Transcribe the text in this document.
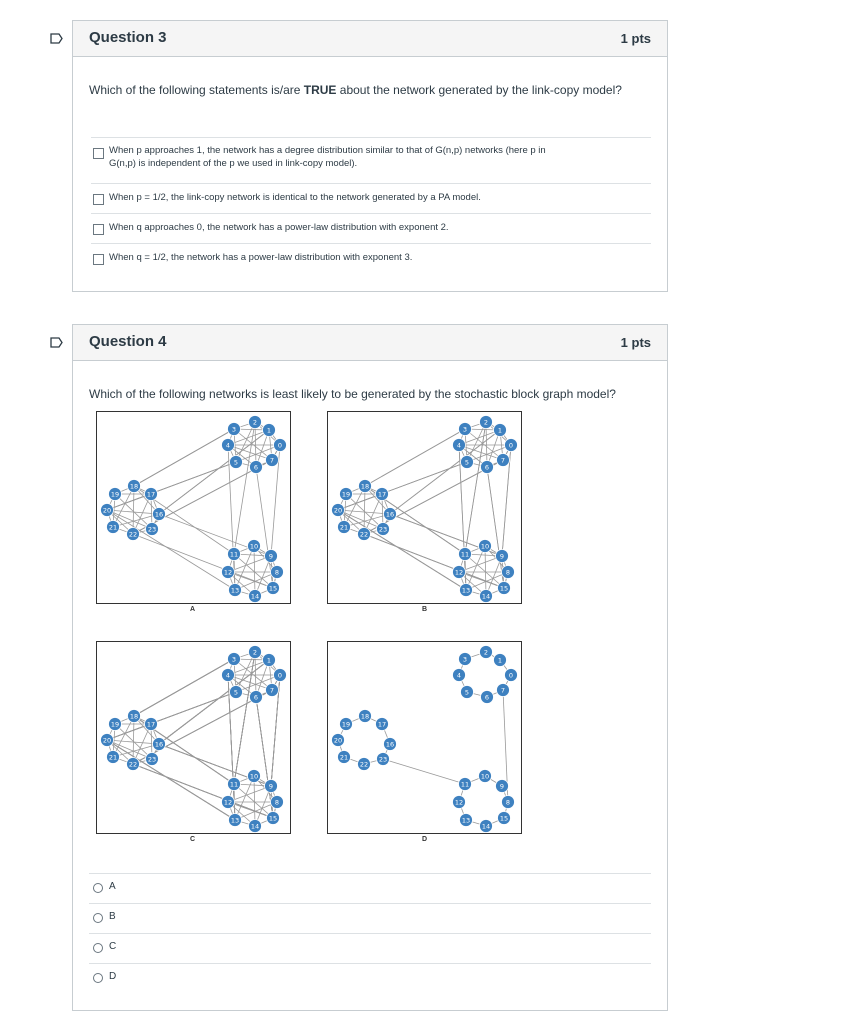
Question 3	1 pts
Which of the following statements is/are TRUE about the network generated by the link-copy model?
When p approaches 1, the network has a degree distribution similar to that of G(n,p) networks (here p in
G(n,p) is independent of the p we used in link-copy model).
When p = 1/2, the link-copy network is identical to the network generated by a PA model.
When q approaches 0, the network has a power-law distribution with exponent 2.
When q = 1/2, the network has a power-law distribution with exponent 3.
Question 4	1 pts
Which of the following networks is least likely to be generated by the stochastic block graph model?
0
1
2
3
4
5
6
7
8
9
10
11
12
13
14
15
16
17
18
19
20
21
22
23
A
0
1
2
3
4
5
6
7
8
9
10
11
12
13
14
15
16
17
18
19
20
21
22
23
B
0
1
2
3
4
5
6
7
8
9
10
11
12
13
14
15
16
17
18
19
20
21
22
23
C
0
1
2
3
4
5
6
7
8
9
10
11
12
13
14
15
16
17
18
19
20
21
22
23
D
A
B
C
D
